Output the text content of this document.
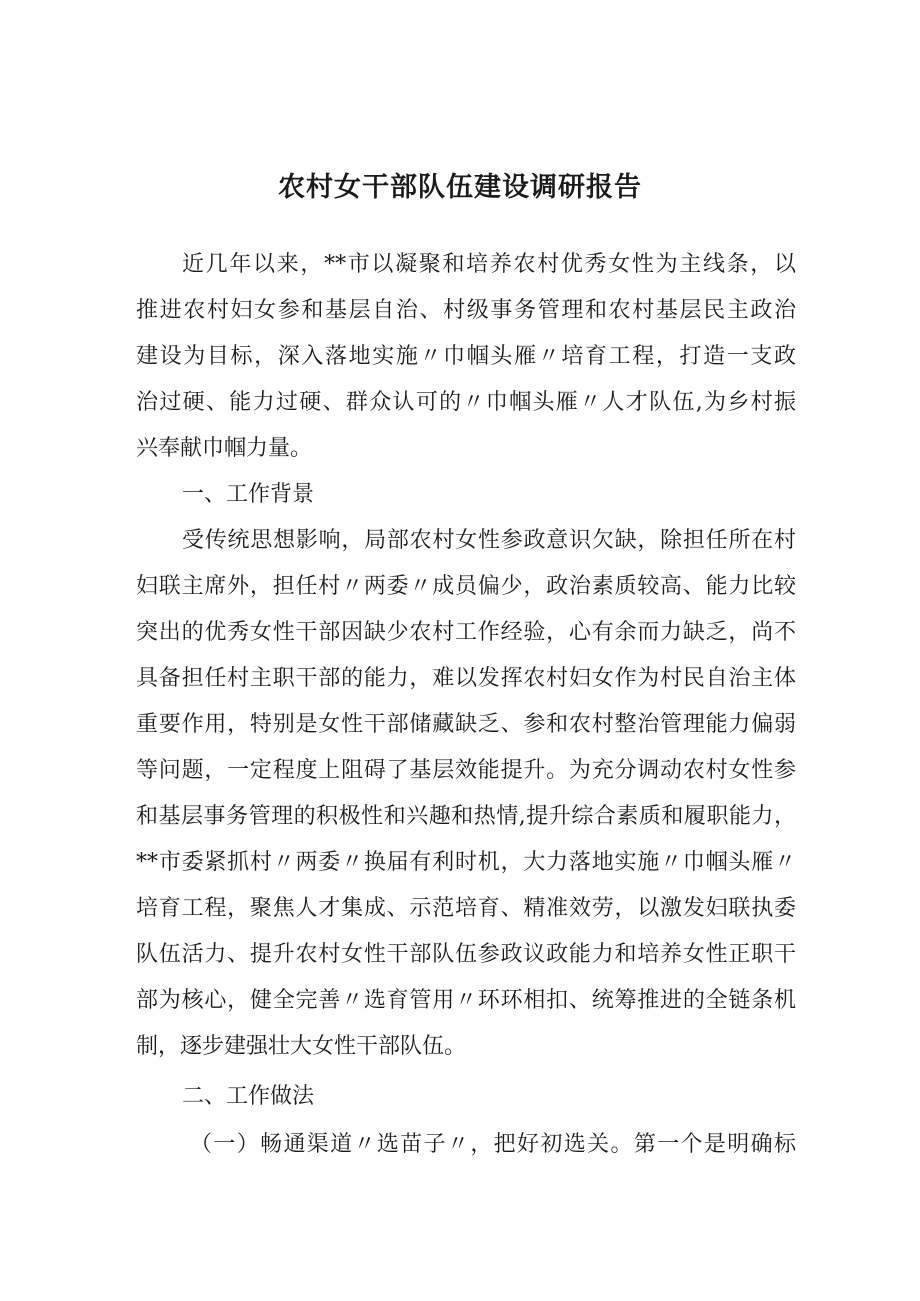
农村女干部队伍建设调研报告

近几年以来，**市以凝聚和培养农村优秀女性为主线条，以

推进农村妇女参和基层自治、村级事务管理和农村基层民主政治

建设为目标，深入落地实施〃巾帼头雁〃培育工程，打造一支政

治过硬、能力过硬、群众认可的〃巾帼头雁〃人才队伍,为乡村振

兴奉献巾帼力量。

一、工作背景

受传统思想影响，局部农村女性参政意识欠缺，除担任所在村

妇联主席外，担任村〃两委〃成员偏少，政治素质较高、能力比较

突出的优秀女性干部因缺少农村工作经验，心有余而力缺乏，尚不

具备担任村主职干部的能力，难以发挥农村妇女作为村民自治主体

重要作用，特别是女性干部储藏缺乏、参和农村整治管理能力偏弱

等问题，一定程度上阻碍了基层效能提升。为充分调动农村女性参

和基层事务管理的积极性和兴趣和热情,提升综合素质和履职能力，

**市委紧抓村〃两委〃换届有利时机，大力落地实施〃巾帼头雁〃

培育工程，聚焦人才集成、示范培育、精准效劳，以激发妇联执委

队伍活力、提升农村女性干部队伍参政议政能力和培养女性正职干

部为核心，健全完善〃选育管用〃环环相扣、统筹推进的全链条机

制，逐步建强壮大女性干部队伍。

二、工作做法

（一）畅通渠道〃选苗子〃，把好初选关。第一个是明确标
